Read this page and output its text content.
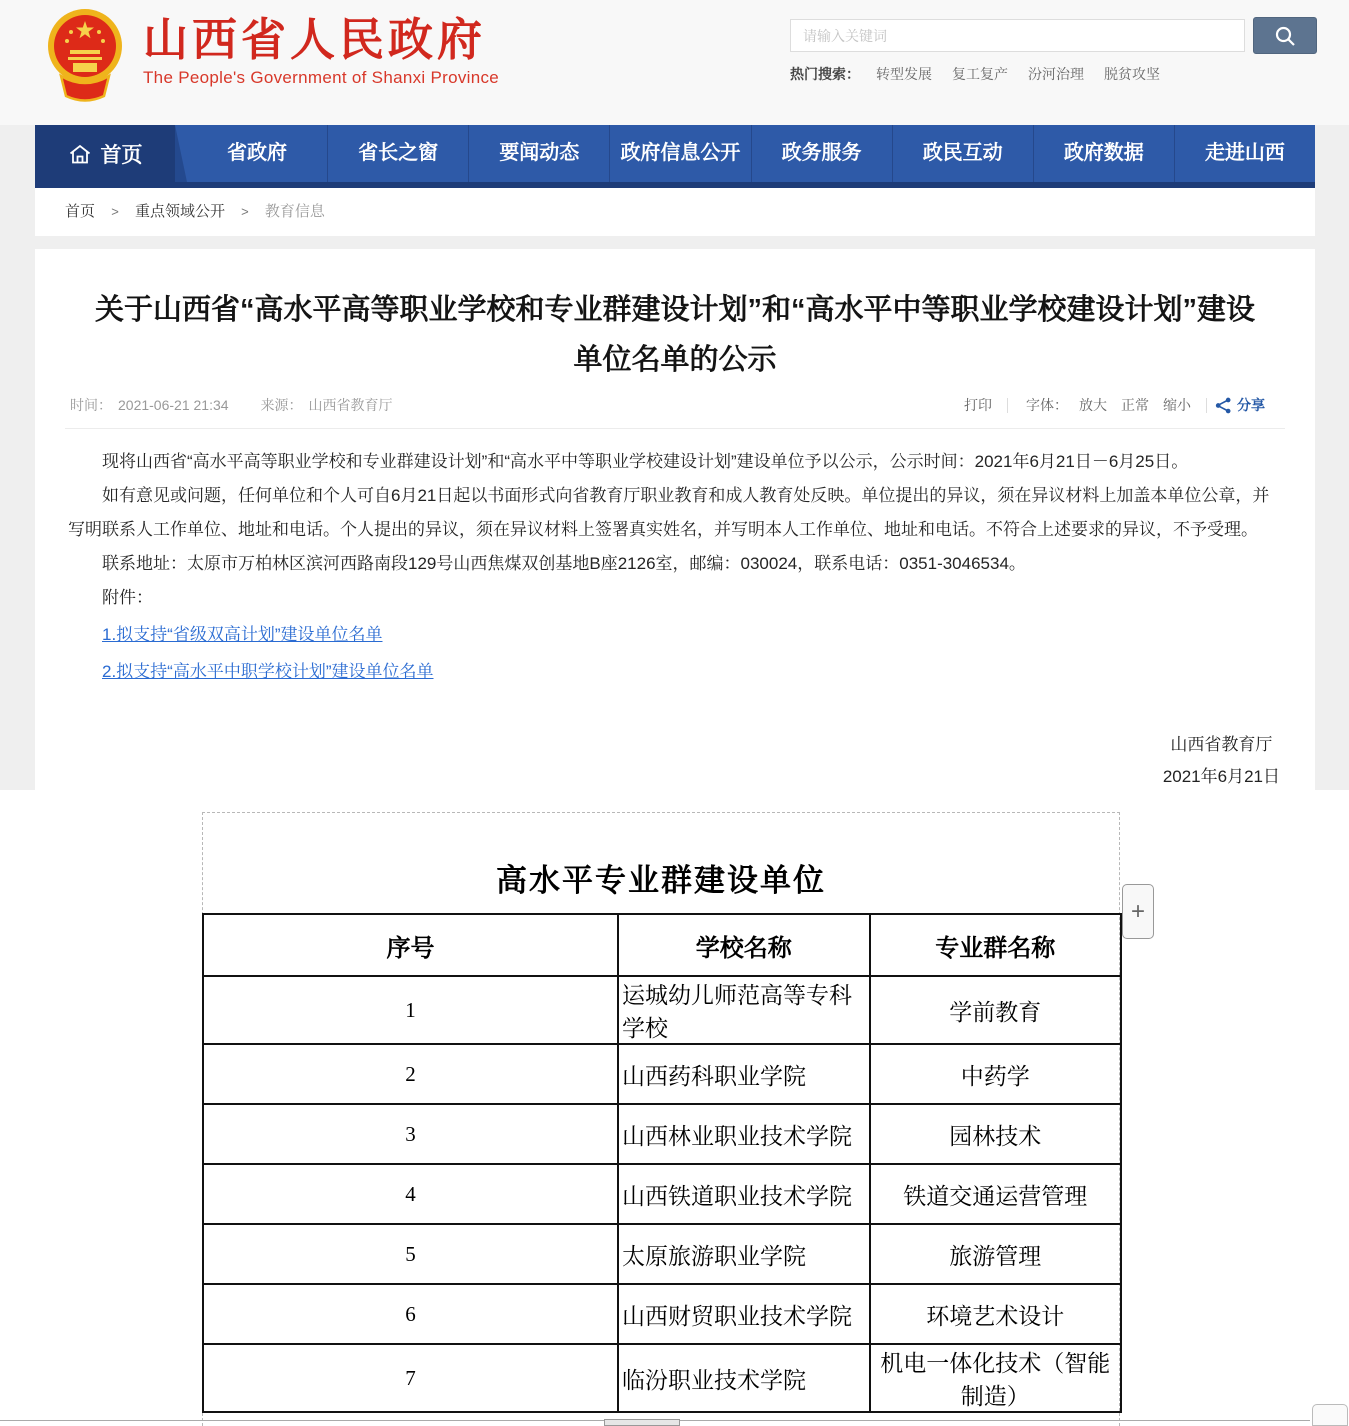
山西省人民政府
The People's Government of Shanxi Province
请输入关键词	热门搜索： 转型发展 复工复产 汾河治理 脱贫攻坚
首页	省政府	省长之窗	要闻动态	政府信息公开	政务服务	政民互动	政府数据	走进山西
首页 > 重点领域公开 > 教育信息
关于山西省“高水平高等职业学校和专业群建设计划”和“高水平中等职业学校建设计划”建设单位名单的公示
时间： 2021-06-21 21:34 来源： 山西省教育厅	打印 字体： 放大 正常 缩小	分享

现将山西省“高水平高等职业学校和专业群建设计划”和“高水平中等职业学校建设计划”建设单位予以公示，公示时间：2021年6月21日－6月25日。

如有意见或问题，任何单位和个人可自6月21日起以书面形式向省教育厅职业教育和成人教育处反映。单位提出的异议，须在异议材料上加盖本单位公章，并写明联系人工作单位、地址和电话。个人提出的异议，须在异议材料上签署真实姓名，并写明本人工作单位、地址和电话。不符合上述要求的异议，不予受理。

联系地址：太原市万柏林区滨河西路南段129号山西焦煤双创基地B座2126室，邮编：030024，联系电话：0351-3046534。

附件：

1.拟支持“省级双高计划”建设单位名单

2.拟支持“高水平中职学校计划”建设单位名单

山西省教育厅
2021年6月21日
高水平专业群建设单位
序号	学校名称	专业群名称
1	运城幼儿师范高等专科学校	学前教育
2	山西药科职业学院	中药学
3	山西林业职业技术学院	园林技术
4	山西铁道职业技术学院	铁道交通运营管理
5	太原旅游职业学院	旅游管理
6	山西财贸职业技术学院	环境艺术设计
7	临汾职业技术学院	机电一体化技术（智能制造）
+
